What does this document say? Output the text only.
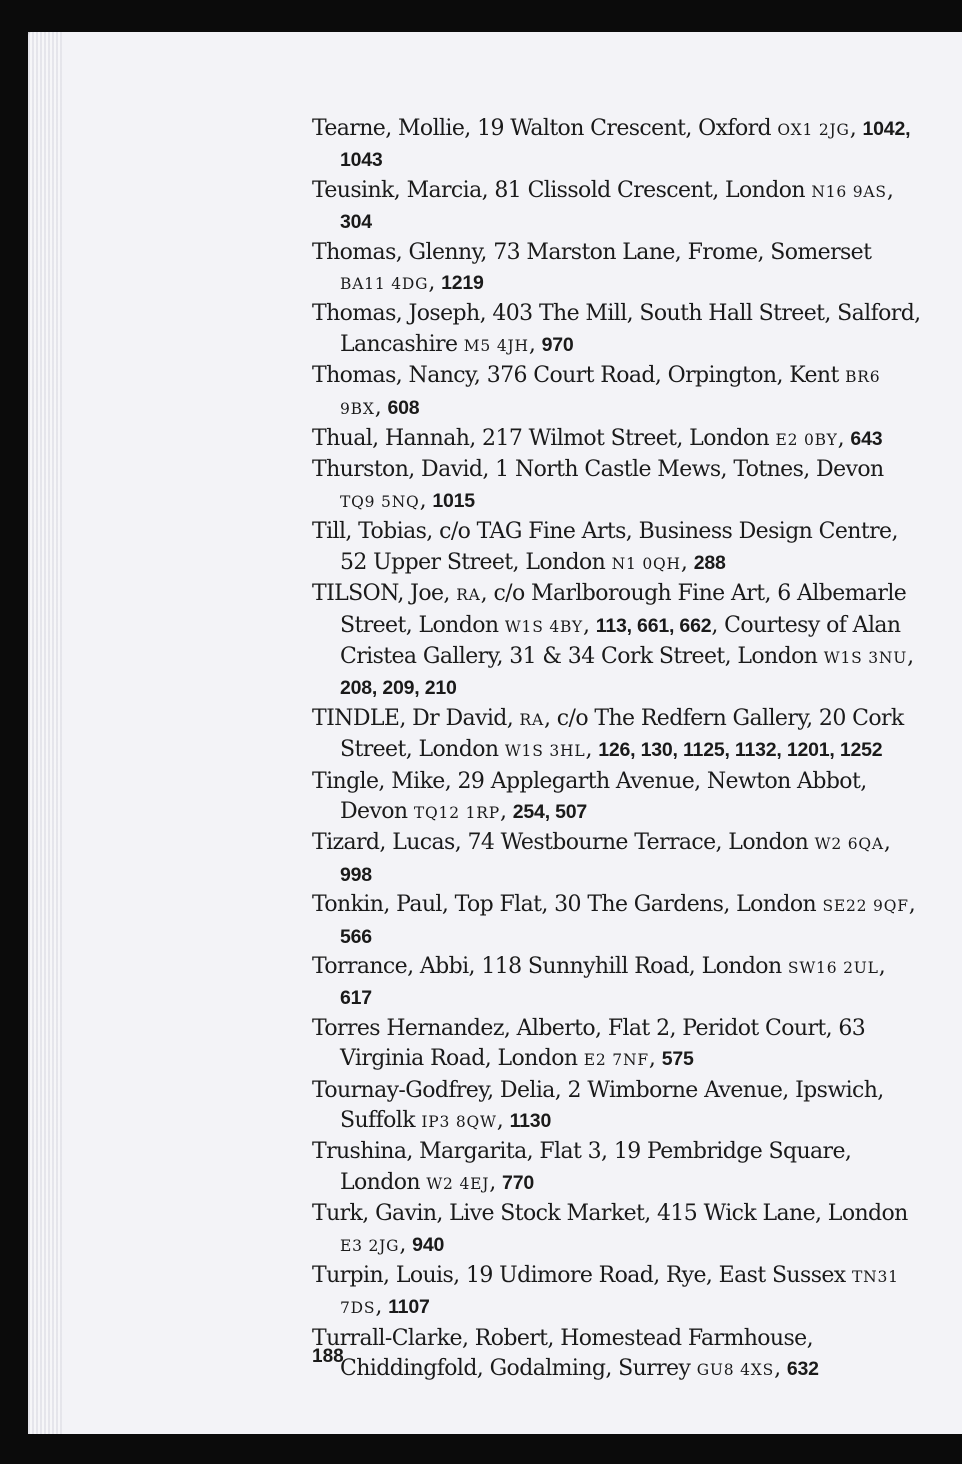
Tearne, Mollie, 19 Walton Crescent, Oxford OX1 2JG, 1042, 1043

Teusink, Marcia, 81 Clissold Crescent, London N16 9AS, 304

Thomas, Glenny, 73 Marston Lane, Frome, Somerset BA11 4DG, 1219

Thomas, Joseph, 403 The Mill, South Hall Street, Salford, Lancashire M5 4JH, 970

Thomas, Nancy, 376 Court Road, Orpington, Kent BR6 9BX, 608

Thual, Hannah, 217 Wilmot Street, London E2 0BY, 643

Thurston, David, 1 North Castle Mews, Totnes, Devon TQ9 5NQ, 1015

Till, Tobias, c/o TAG Fine Arts, Business Design Centre, 52 Upper Street, London N1 0QH, 288

TILSON, Joe, RA, c/o Marlborough Fine Art, 6 Albemarle Street, London W1S 4BY, 113, 661, 662, Courtesy of Alan Cristea Gallery, 31 & 34 Cork Street, London W1S 3NU, 208, 209, 210

TINDLE, Dr David, RA, c/o The Redfern Gallery, 20 Cork Street, London W1S 3HL, 126, 130, 1125, 1132, 1201, 1252

Tingle, Mike, 29 Applegarth Avenue, Newton Abbot, Devon TQ12 1RP, 254, 507

Tizard, Lucas, 74 Westbourne Terrace, London W2 6QA, 998

Tonkin, Paul, Top Flat, 30 The Gardens, London SE22 9QF, 566

Torrance, Abbi, 118 Sunnyhill Road, London SW16 2UL, 617

Torres Hernandez, Alberto, Flat 2, Peridot Court, 63 Virginia Road, London E2 7NF, 575

Tournay-Godfrey, Delia, 2 Wimborne Avenue, Ipswich, Suffolk IP3 8QW, 1130

Trushina, Margarita, Flat 3, 19 Pembridge Square, London W2 4EJ, 770

Turk, Gavin, Live Stock Market, 415 Wick Lane, London E3 2JG, 940

Turpin, Louis, 19 Udimore Road, Rye, East Sussex TN31 7DS, 1107

Turrall-Clarke, Robert, Homestead Farmhouse, Chiddingfold, Godalming, Surrey GU8 4XS, 632

188
